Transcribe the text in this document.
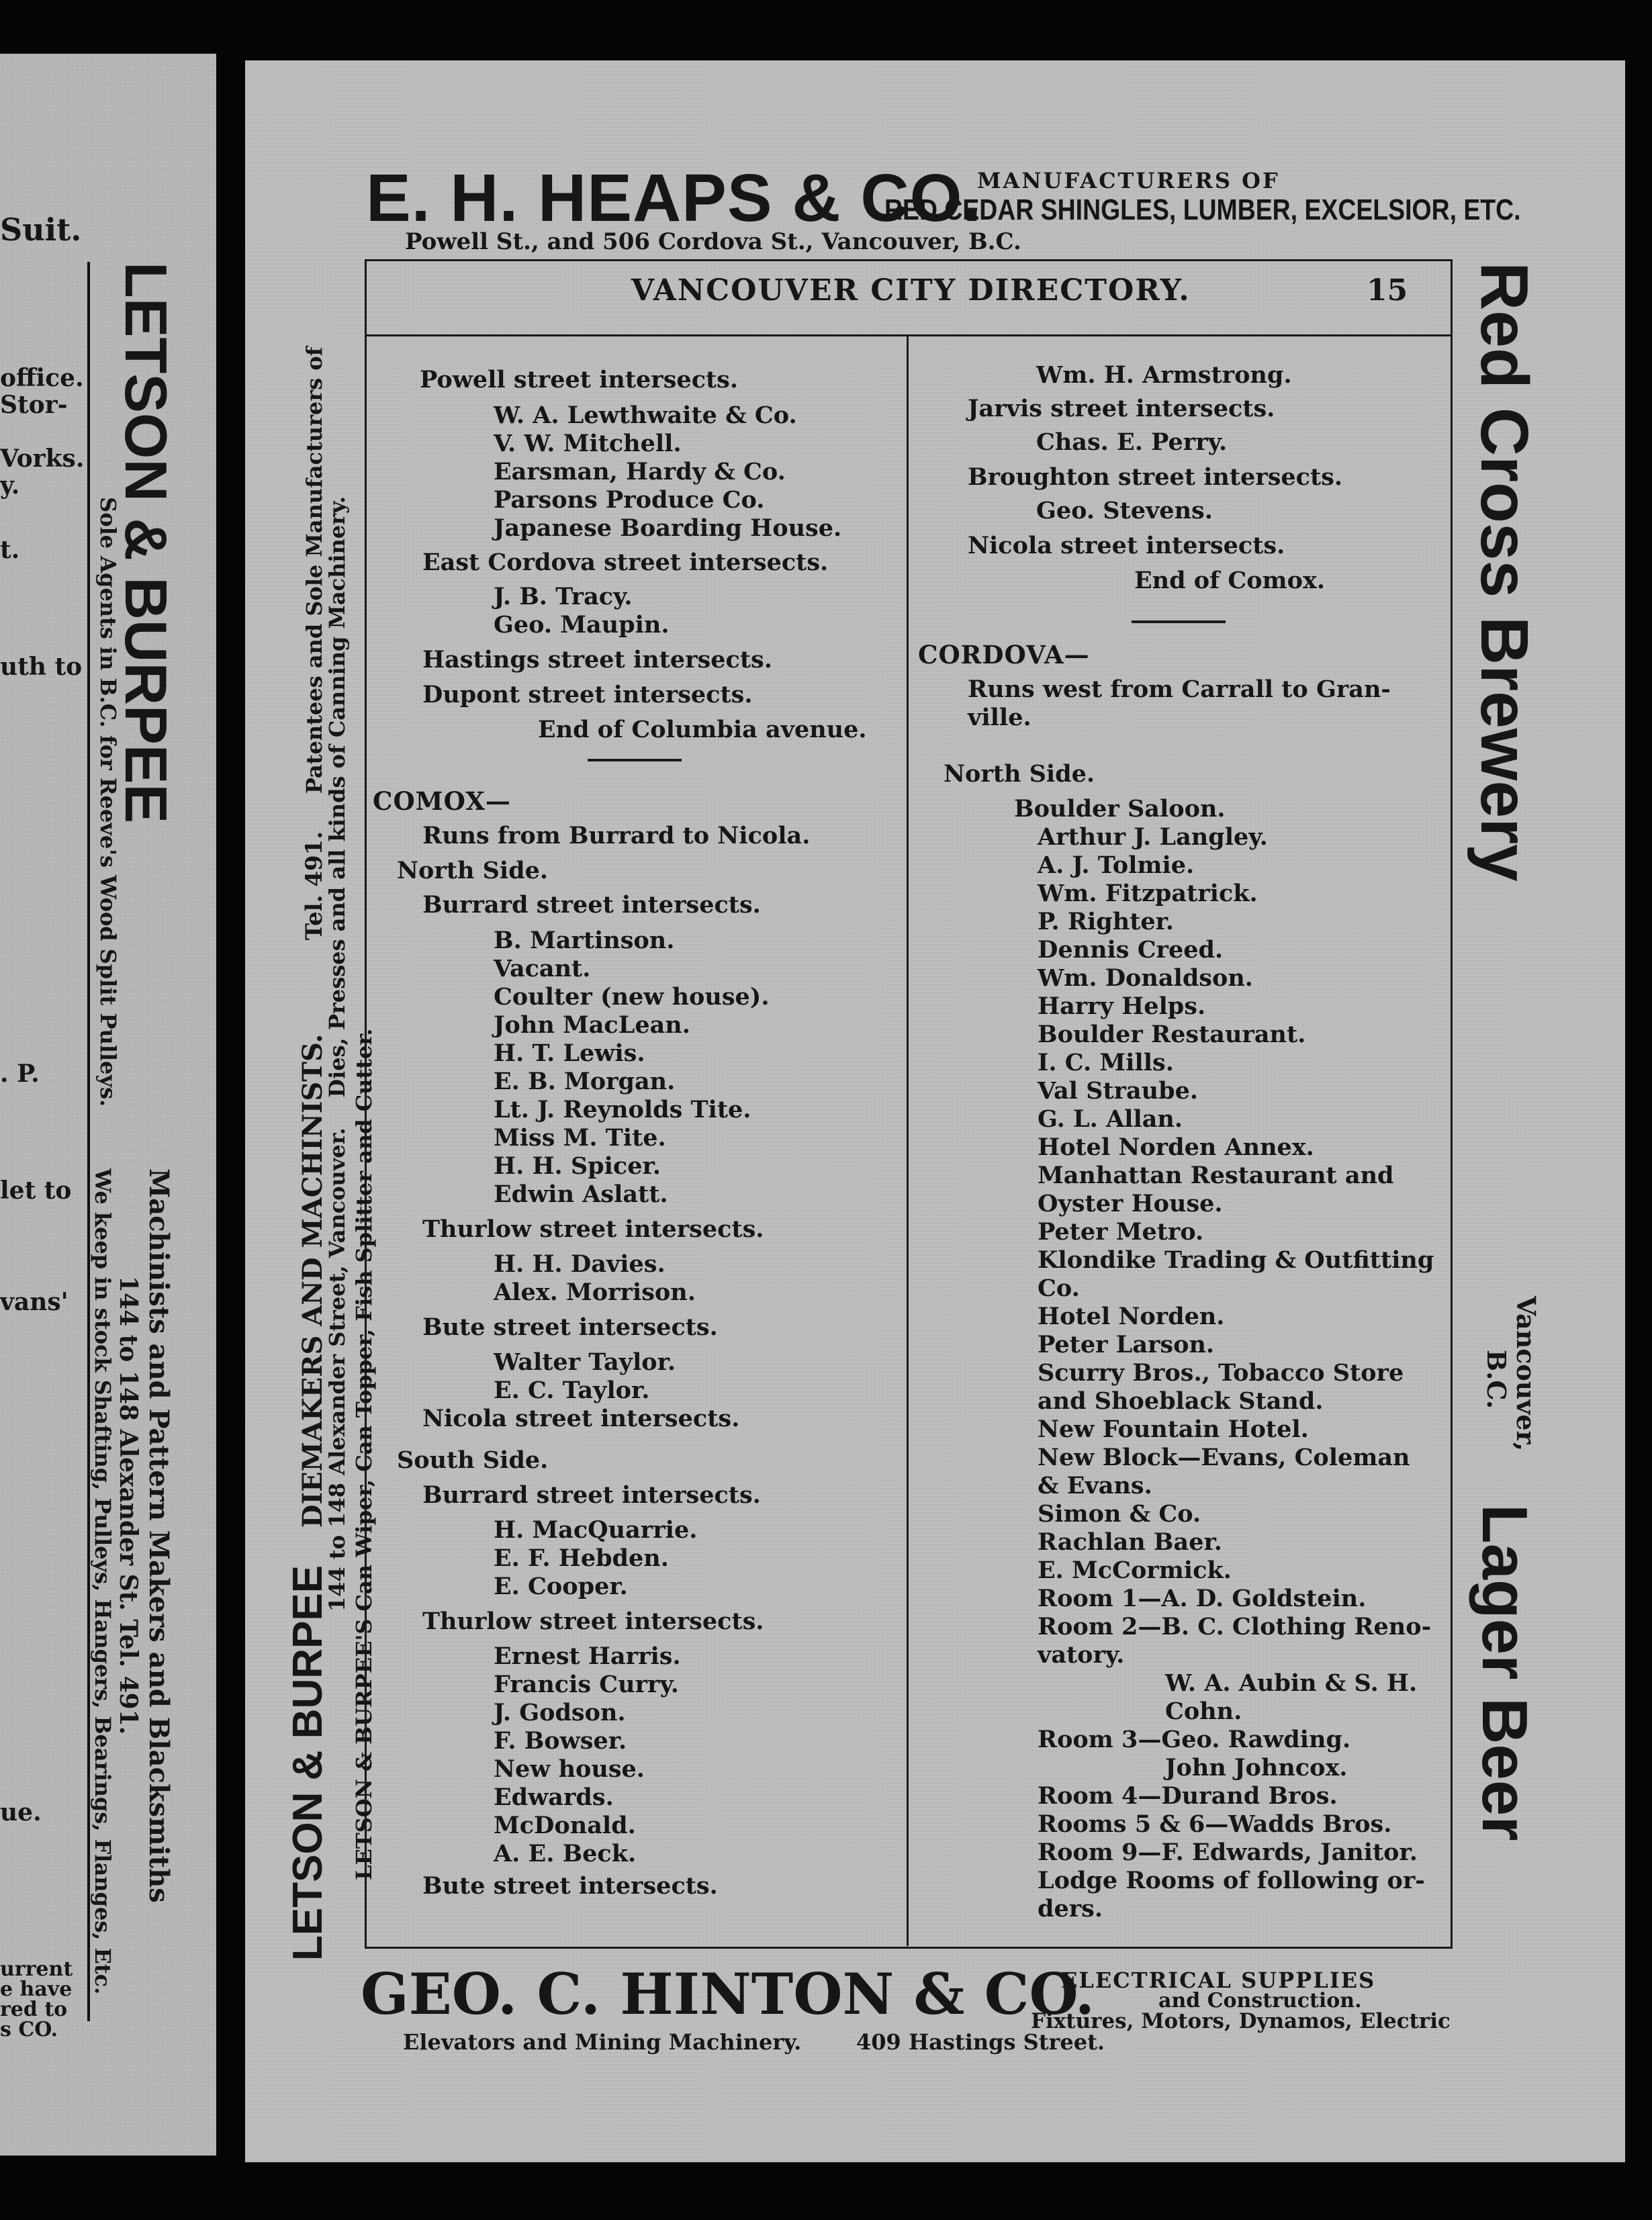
Suit.
office.
Stor-
Vorks.
y.
t.
uth to
. P.
let to
vans'
ue.
urrent
e have
red to
s CO.
LETSON & BURPEE
Sole Agents in B.C. for Reeve's Wood Split Pulleys.
Machinists and Pattern Makers and Blacksmiths
144 to 148 Alexander St. Tel. 491.
We keep in stock Shafting, Pulleys, Hangers, Bearings, Flanges, Etc.
E. H. HEAPS & CO.
Powell St., and 506 Cordova St., Vancouver, B.C.
MANUFACTURERS OF
RED CEDAR SHINGLES, LUMBER, EXCELSIOR, ETC.
VANCOUVER CITY DIRECTORY.	15
Powell street intersects.
W. A. Lewthwaite & Co.
V. W. Mitchell.
Earsman, Hardy & Co.
Parsons Produce Co.
Japanese Boarding House.
East Cordova street intersects.
J. B. Tracy.
Geo. Maupin.
Hastings street intersects.
Dupont street intersects.
End of Columbia avenue.
COMOX—
Runs from Burrard to Nicola.
North Side.
Burrard street intersects.
B. Martinson.
Vacant.
Coulter (new house).
John MacLean.
H. T. Lewis.
E. B. Morgan.
Lt. J. Reynolds Tite.
Miss M. Tite.
H. H. Spicer.
Edwin Aslatt.
Thurlow street intersects.
H. H. Davies.
Alex. Morrison.
Bute street intersects.
Walter Taylor.
E. C. Taylor.
Nicola street intersects.
South Side.
Burrard street intersects.
H. MacQuarrie.
E. F. Hebden.
E. Cooper.
Thurlow street intersects.
Ernest Harris.
Francis Curry.
J. Godson.
F. Bowser.
New house.
Edwards.
McDonald.
A. E. Beck.
Bute street intersects.
Wm. H. Armstrong.
Jarvis street intersects.
Chas. E. Perry.
Broughton street intersects.
Geo. Stevens.
Nicola street intersects.
End of Comox.
CORDOVA—
Runs west from Carrall to Gran-
ville.
North Side.
Boulder Saloon.
Arthur J. Langley.
A. J. Tolmie.
Wm. Fitzpatrick.
P. Righter.
Dennis Creed.
Wm. Donaldson.
Harry Helps.
Boulder Restaurant.
I. C. Mills.
Val Straube.
G. L. Allan.
Hotel Norden Annex.
Manhattan Restaurant and
Oyster House.
Peter Metro.
Klondike Trading & Outfitting
Co.
Hotel Norden.
Peter Larson.
Scurry Bros., Tobacco Store
and Shoeblack Stand.
New Fountain Hotel.
New Block—Evans, Coleman
& Evans.
Simon & Co.
Rachlan Baer.
E. McCormick.
Room 1—A. D. Goldstein.
Room 2—B. C. Clothing Reno-
vatory.
W. A. Aubin & S. H.
Cohn.
Room 3—Geo. Rawding.
John Johncox.
Room 4—Durand Bros.
Rooms 5 & 6—Wadds Bros.
Room 9—F. Edwards, Janitor.
Lodge Rooms of following or-
ders.
LETSON & BURPEE    DIEMAKERS AND MACHINISTS.          Tel. 491.    Patentees and Sole Manufacturers of
144 to 148 Alexander Street, Vancouver.    Dies, Presses and all kinds of Canning Machinery.
LETSON & BURPEE'S Can Wiper, Can Topper, Fish Splitter and Cutter.
Red Cross Brewery
Vancouver,
B.C.
Lager Beer
GEO. C. HINTON & CO.
Elevators and Mining Machinery.	409 Hastings Street.
ELECTRICAL SUPPLIES
and Construction.
Fixtures, Motors, Dynamos, Electric
